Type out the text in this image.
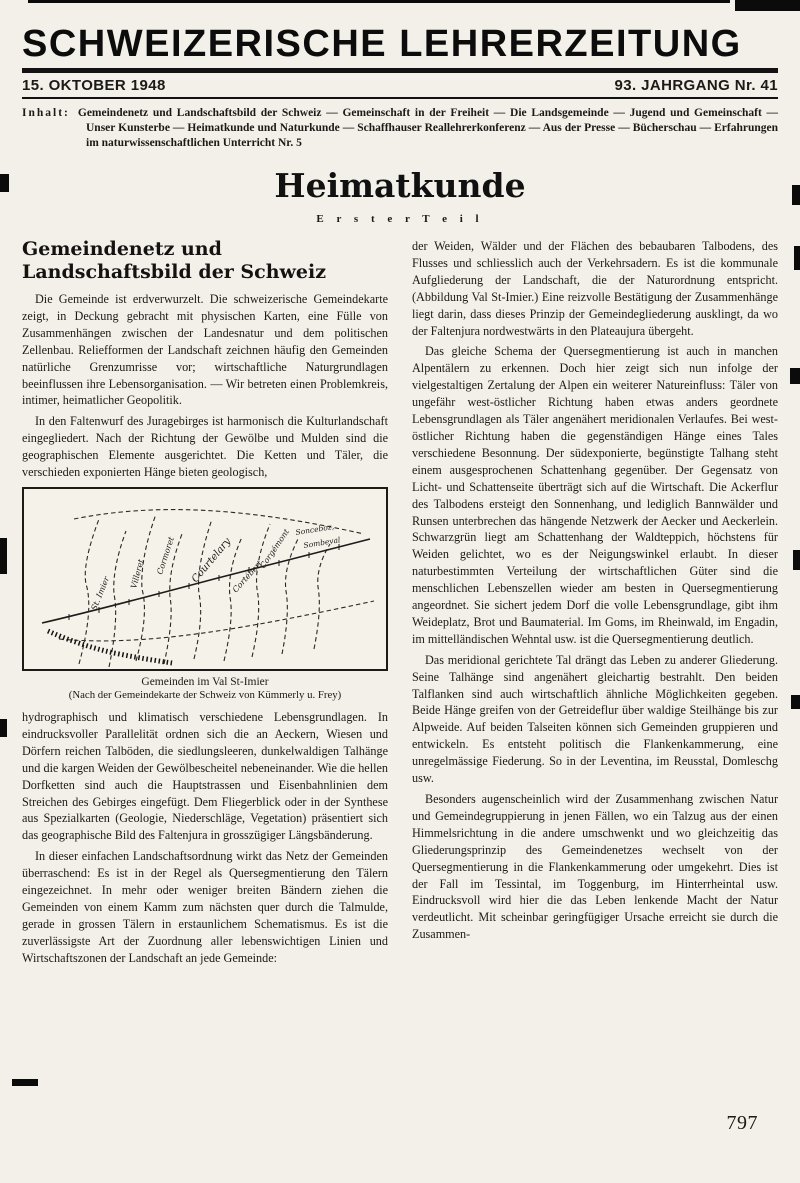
SCHWEIZERISCHE LEHRERZEITUNG
15. OKTOBER 1948	93. JAHRGANG Nr. 41
Inhalt: Gemeindenetz und Landschaftsbild der Schweiz — Gemeinschaft in der Freiheit — Die Landsgemeinde — Jugend und Gemeinschaft — Unser Kunsterbe — Heimatkunde und Naturkunde — Schaffhauser Reallehrerkonferenz — Aus der Presse — Bücherschau — Erfahrungen im naturwissenschaftlichen Unterricht Nr. 5
Heimatkunde
E r s t e r T e i l
Gemeindenetz und Landschaftsbild der Schweiz

Die Gemeinde ist erdverwurzelt. Die schweizerische Gemeindekarte zeigt, in Deckung gebracht mit physischen Karten, eine Fülle von Zusammenhängen zwischen der Landesnatur und dem politischen Zellenbau. Reliefformen der Landschaft zeichnen häufig den Gemeinden natürliche Grenzumrisse vor; wirtschaftliche Naturgrundlagen beeinflussen ihre Lebensorganisation. — Wir betreten einen Problemkreis, intimer, heimatlicher Geopolitik.

In den Faltenwurf des Juragebirges ist harmonisch die Kulturlandschaft eingegliedert. Nach der Richtung der Gewölbe und Mulden sind die geographischen Elemente ausgerichtet. Die Ketten und Täler, die verschieden exponierten Hänge bieten geologisch,

St. Imier
Villeret Cormoret Courtelary
Cortébert
Corgémont Sonceboz,
Sombeval
Gemeinden im Val St-Imier
(Nach der Gemeindekarte der Schweiz von Kümmerly u. Frey)

hydrographisch und klimatisch verschiedene Lebensgrundlagen. In eindrucksvoller Parallelität ordnen sich die an Aeckern, Wiesen und Dörfern reichen Talböden, die siedlungsleeren, dunkelwaldigen Talhänge und die kargen Weiden der Gewölbescheitel nebeneinander. Wie die hellen Dorfketten sind auch die Hauptstrassen und Eisenbahnlinien dem Streichen des Gebirges eingefügt. Dem Fliegerblick oder in der Synthese aus Spezialkarten (Geologie, Niederschläge, Vegetation) präsentiert sich das geographische Bild des Faltenjura in grosszügiger Längsbänderung.

In dieser einfachen Landschaftsordnung wirkt das Netz der Gemeinden überraschend: Es ist in der Regel als Quersegmentierung den Tälern eingezeichnet. In mehr oder weniger breiten Bändern ziehen die Gemeinden von einem Kamm zum nächsten quer durch die Talmulde, gerade in grossen Tälern in erstaunlichem Schematismus. Es ist die zuverlässigste Art der Zuordnung aller lebenswichtigen Linien und Wirtschaftszonen der Landschaft an jede Gemeinde:

der Weiden, Wälder und der Flächen des bebaubaren Talbodens, des Flusses und schliesslich auch der Verkehrsadern. Es ist die kommunale Aufgliederung der Landschaft, die der Naturordnung entspricht. (Abbildung Val St-Imier.) Eine reizvolle Bestätigung der Zusammenhänge liegt darin, dass dieses Prinzip der Gemeindegliederung ausklingt, da wo der Faltenjura nordwestwärts in den Plateaujura übergeht.

Das gleiche Schema der Quersegmentierung ist auch in manchen Alpentälern zu erkennen. Doch hier zeigt sich nun infolge der vielgestaltigen Zertalung der Alpen ein weiterer Natureinfluss: Täler von ungefähr west-östlicher Richtung haben etwas anders geordnete Lebensgrundlagen als Täler angenähert meridionalen Verlaufes. Bei west-östlicher Richtung haben die gegenständigen Hänge eines Tales verschiedene Besonnung. Der südexponierte, begünstigte Talhang steht einem ausgesprochenen Schattenhang gegenüber. Der Gegensatz von Licht- und Schattenseite überträgt sich auf die Wirtschaft. Die Ackerflur des Talbodens ersteigt den Sonnenhang, und lediglich Bannwälder und Runsen unterbrechen das hängende Netzwerk der Aecker und Aeckerlein. Schwarzgrün liegt am Schattenhang der Waldteppich, höchstens für Weiden gelichtet, wo es der Neigungswinkel erlaubt. In dieser naturbestimmten Verteilung der wirtschaftlichen Güter sind die menschlichen Lebenszellen wieder am besten in Quersegmentierung angeordnet. Sie sichert jedem Dorf die volle Lebensgrundlage, gibt ihm Weideplatz, Brot und Baumaterial. Im Goms, im Rheinwald, im Engadin, im mittelländischen Wehntal usw. ist die Quersegmentierung deutlich.

Das meridional gerichtete Tal drängt das Leben zu anderer Gliederung. Seine Talhänge sind angenähert gleichartig bestrahlt. Den beiden Talflanken sind auch wirtschaftlich ähnliche Möglichkeiten gegeben. Beide Hänge greifen von der Getreideflur über waldige Steilhänge bis zur Alpweide. Auf beiden Talseiten können sich Gemeinden gruppieren und entwickeln. Es entsteht politisch die Flankenkammerung, eine unregelmässige Fiederung. So in der Leventina, im Reusstal, Domleschg usw.

Besonders augenscheinlich wird der Zusammenhang zwischen Natur und Gemeindegruppierung in jenen Fällen, wo ein Talzug aus der einen Himmelsrichtung in die andere umschwenkt und wo gleichzeitig das Gliederungsprinzip des Gemeindenetzes wechselt von der Quersegmentierung in die Flankenkammerung oder umgekehrt. Dies ist der Fall im Tessintal, im Toggenburg, im Hinterrheintal usw. Eindrucksvoll wird hier die das Leben lenkende Macht der Natur verdeutlicht. Mit scheinbar geringfügiger Ursache erreicht sie durch die Zusammen-

797
